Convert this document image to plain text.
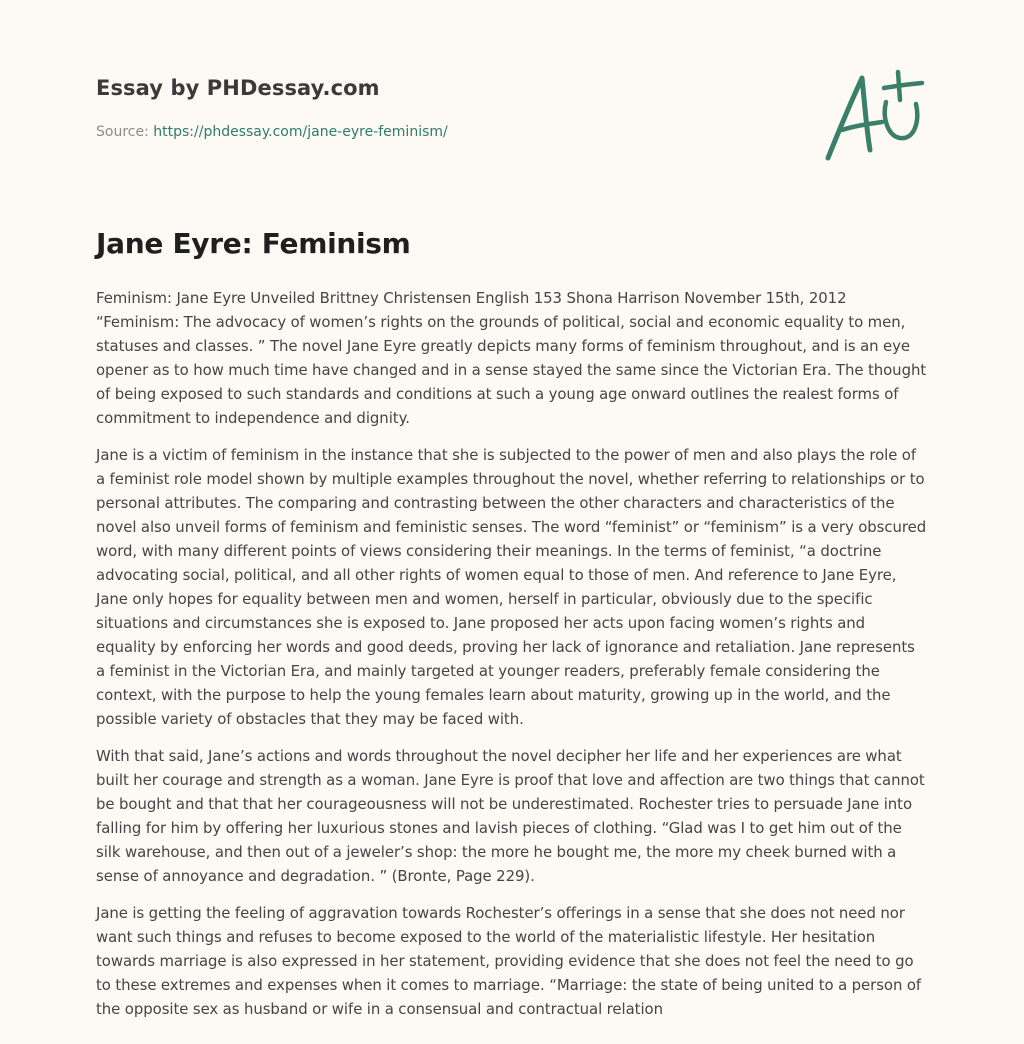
Essay by PHDessay.com
Source: https://phdessay.com/jane-eyre-feminism/
Jane Eyre: Feminism

Feminism: Jane Eyre Unveiled Brittney Christensen English 153 Shona Harrison November 15th, 2012 “Feminism: The advocacy of women’s rights on the grounds of political, social and economic equality to men, statuses and classes. ” The novel Jane Eyre greatly depicts many forms of feminism throughout, and is an eye opener as to how much time have changed and in a sense stayed the same since the Victorian Era. The thought of being exposed to such standards and conditions at such a young age onward outlines the realest forms of commitment to independence and dignity.

Jane is a victim of feminism in the instance that she is subjected to the power of men and also plays the role of a feminist role model shown by multiple examples throughout the novel, whether referring to relationships or to personal attributes. The comparing and contrasting between the other characters and characteristics of the novel also unveil forms of feminism and feministic senses. The word “feminist” or “feminism” is a very obscured word, with many different points of views considering their meanings. In the terms of feminist, “a doctrine advocating social, political, and all other rights of women equal to those of men. And reference to Jane Eyre, Jane only hopes for equality between men and women, herself in particular, obviously due to the specific situations and circumstances she is exposed to. Jane proposed her acts upon facing women’s rights and equality by enforcing her words and good deeds, proving her lack of ignorance and retaliation. Jane represents a feminist in the Victorian Era, and mainly targeted at younger readers, preferably female considering the context, with the purpose to help the young females learn about maturity, growing up in the world, and the possible variety of obstacles that they may be faced with.

With that said, Jane’s actions and words throughout the novel decipher her life and her experiences are what built her courage and strength as a woman. Jane Eyre is proof that love and affection are two things that cannot be bought and that that her courageousness will not be underestimated. Rochester tries to persuade Jane into falling for him by offering her luxurious stones and lavish pieces of clothing. “Glad was I to get him out of the silk warehouse, and then out of a jeweler’s shop: the more he bought me, the more my cheek burned with a sense of annoyance and degradation. ” (Bronte, Page 229).

Jane is getting the feeling of aggravation towards Rochester’s offerings in a sense that she does not need nor want such things and refuses to become exposed to the world of the materialistic lifestyle. Her hesitation towards marriage is also expressed in her statement, providing evidence that she does not feel the need to go to these extremes and expenses when it comes to marriage. “Marriage: the state of being united to a person of the opposite sex as husband or wife in a consensual and contractual relation
